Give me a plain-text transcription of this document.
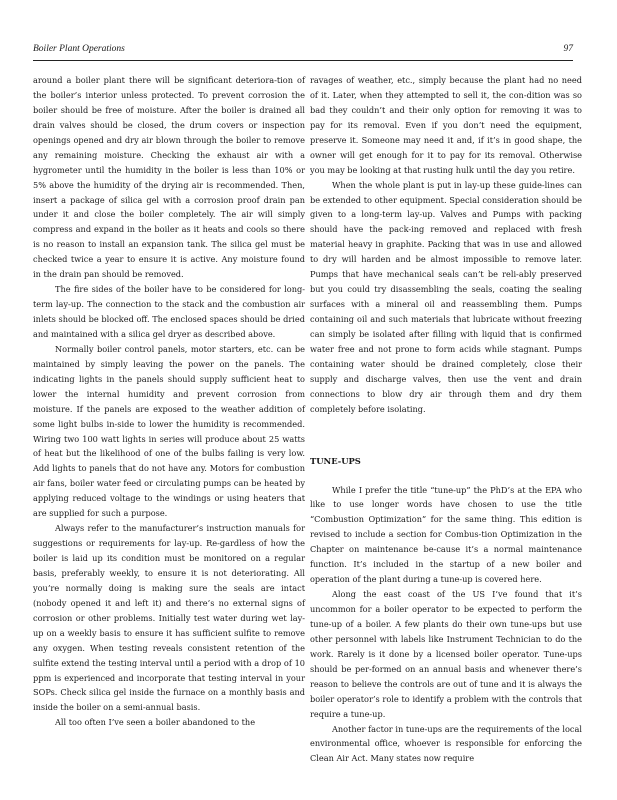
Boiler Plant Operations	97

around a boiler plant there will be significant deteriora-tion of the boiler’s interior unless protected. To prevent corrosion the boiler should be free of moisture. After the boiler is drained all drain valves should be closed, the drum covers or inspection openings opened and dry air blown through the boiler to remove any remaining moisture. Checking the exhaust air with a hygrometer until the humidity in the boiler is less than 10% or 5% above the humidity of the drying air is recommended. Then, insert a package of silica gel with a corrosion proof drain pan under it and close the boiler completely. The air will simply compress and expand in the boiler as it heats and cools so there is no reason to install an expansion tank. The silica gel must be checked twice a year to ensure it is active. Any moisture found in the drain pan should be removed.

The fire sides of the boiler have to be considered for long-term lay-up. The connection to the stack and the combustion air inlets should be blocked off. The enclosed spaces should be dried and maintained with a silica gel dryer as described above.

Normally boiler control panels, motor starters, etc. can be maintained by simply leaving the power on the panels. The indicating lights in the panels should supply sufficient heat to lower the internal humidity and prevent corrosion from moisture. If the panels are exposed to the weather addition of some light bulbs in-side to lower the humidity is recommended. Wiring two 100 watt lights in series will produce about 25 watts of heat but the likelihood of one of the bulbs failing is very low. Add lights to panels that do not have any. Motors for combustion air fans, boiler water feed or circulating pumps can be heated by applying reduced voltage to the windings or using heaters that are supplied for such a purpose.

Always refer to the manufacturer’s instruction manuals for suggestions or requirements for lay-up. Re-gardless of how the boiler is laid up its condition must be monitored on a regular basis, preferably weekly, to ensure it is not deteriorating. All you’re normally doing is making sure the seals are intact (nobody opened it and left it) and there’s no external signs of corrosion or other problems. Initially test water during wet lay-up on a weekly basis to ensure it has sufficient sulfite to remove any oxygen. When testing reveals consistent retention of the sulfite extend the testing interval until a period with a drop of 10 ppm is experienced and incorporate that testing interval in your SOPs. Check silica gel inside the furnace on a monthly basis and inside the boiler on a semi-annual basis.

All too often I’ve seen a boiler abandoned to the

ravages of weather, etc., simply because the plant had no need of it. Later, when they attempted to sell it, the con-dition was so bad they couldn’t and their only option for removing it was to pay for its removal. Even if you don’t need the equipment, preserve it. Someone may need it and, if it’s in good shape, the owner will get enough for it to pay for its removal. Otherwise you may be looking at that rusting hulk until the day you retire.

When the whole plant is put in lay-up these guide-lines can be extended to other equipment. Special consideration should be given to a long-term lay-up. Valves and Pumps with packing should have the pack-ing removed and replaced with fresh material heavy in graphite. Packing that was in use and allowed to dry will harden and be almost impossible to remove later. Pumps that have mechanical seals can’t be reli-ably preserved but you could try disassembling the seals, coating the sealing surfaces with a mineral oil and reassembling them. Pumps containing oil and such materials that lubricate without freezing can simply be isolated after filling with liquid that is confirmed water free and not prone to form acids while stagnant. Pumps containing water should be drained completely, close their supply and discharge valves, then use the vent and drain connections to blow dry air through them and dry them completely before isolating.

TUNE-UPS

While I prefer the title “tune-up” the PhD’s at the EPA who like to use longer words have chosen to use the title “Combustion Optimization” for the same thing. This edition is revised to include a section for Combus-tion Optimization in the Chapter on maintenance be-cause it’s a normal maintenance function. It’s included in the startup of a new boiler and operation of the plant during a tune-up is covered here.

Along the east coast of the US I’ve found that it’s uncommon for a boiler operator to be expected to perform the tune-up of a boiler. A few plants do their own tune-ups but use other personnel with labels like Instrument Technician to do the work. Rarely is it done by a licensed boiler operator. Tune-ups should be per-formed on an annual basis and whenever there’s reason to believe the controls are out of tune and it is always the boiler operator’s role to identify a problem with the controls that require a tune-up.

Another factor in tune-ups are the requirements of the local environmental office, whoever is responsible for enforcing the Clean Air Act. Many states now require
